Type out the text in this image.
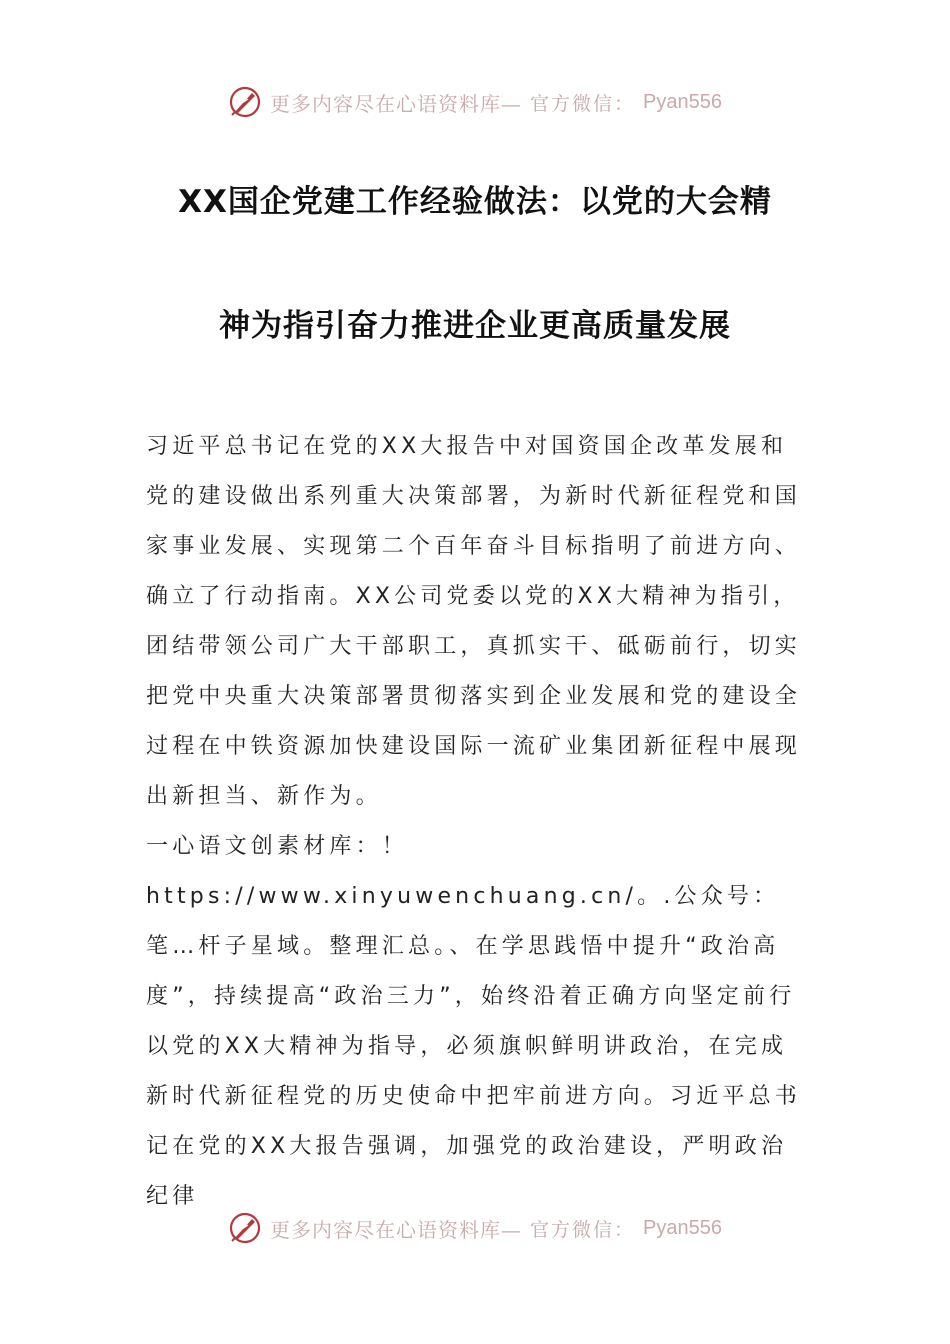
更多内容尽在心语资料库— 官方微信： Pyan556
XX国企党建工作经验做法：以党的大会精
神为指引奋力推进企业更高质量发展

习近平总书记在党的XX大报告中对国资国企改革发展和党的建设做出系列重大决策部署，为新时代新征程党和国家事业发展、实现第二个百年奋斗目标指明了前进方向、确立了行动指南。XX公司党委以党的XX大精神为指引，团结带领公司广大干部职工，真抓实干、砥砺前行，切实把党中央重大决策部署贯彻落实到企业发展和党的建设全过程在中铁资源加快建设国际一流矿业集团新征程中展现出新担当、新作为。

一心语文创素材库：！https://www.xinyuwenchuang.cn/。.公众号：笔…杆子星域。整理汇总。、在学思践悟中提升“政治高度”，持续提高“政治三力”，始终沿着正确方向坚定前行

以党的XX大精神为指导，必须旗帜鲜明讲政治，在完成新时代新征程党的历史使命中把牢前进方向。习近平总书记在党的XX大报告强调，加强党的政治建设，严明政治纪律

更多内容尽在心语资料库— 官方微信： Pyan556
